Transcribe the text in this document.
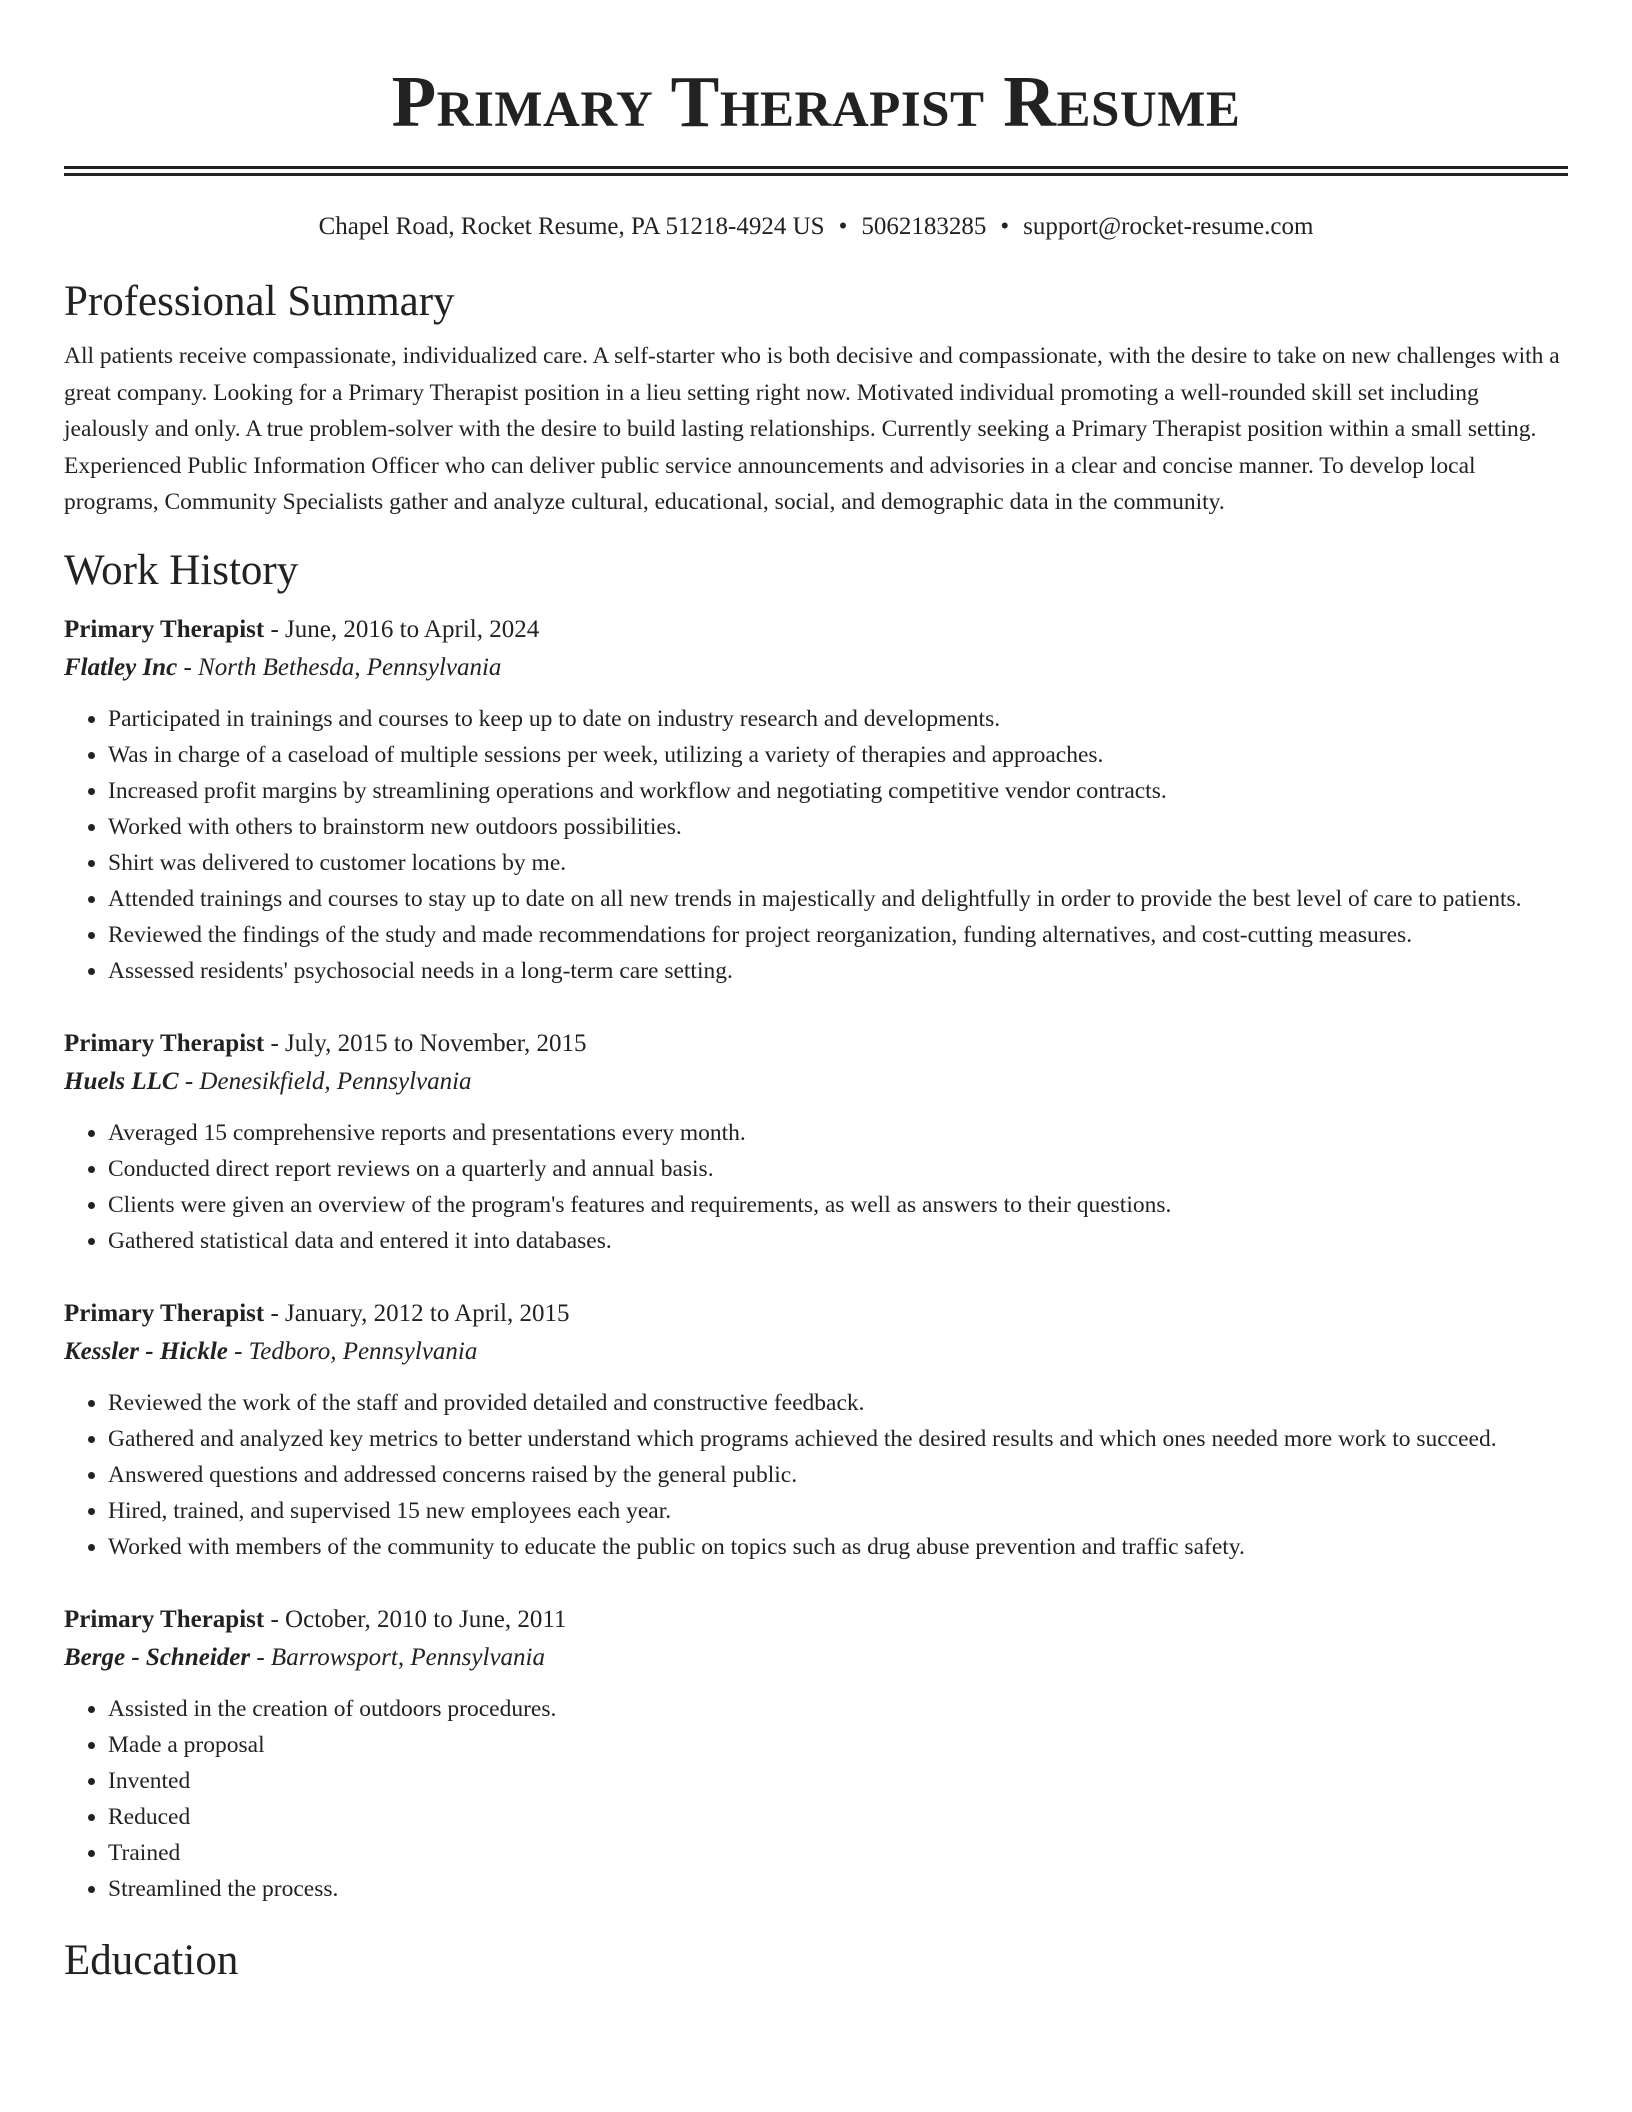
Primary Therapist Resume
Chapel Road, Rocket Resume, PA 51218-4924 US • 5062183285 • support@rocket-resume.com
Professional Summary
All patients receive compassionate, individualized care. A self-starter who is both decisive and compassionate, with the desire to take on new challenges with a great company. Looking for a Primary Therapist position in a lieu setting right now. Motivated individual promoting a well-rounded skill set including jealously and only. A true problem-solver with the desire to build lasting relationships. Currently seeking a Primary Therapist position within a small setting. Experienced Public Information Officer who can deliver public service announcements and advisories in a clear and concise manner. To develop local programs, Community Specialists gather and analyze cultural, educational, social, and demographic data in the community.
Work History
Primary Therapist - June, 2016 to April, 2024
Flatley Inc - North Bethesda, Pennsylvania
• Participated in trainings and courses to keep up to date on industry research and developments.
• Was in charge of a caseload of multiple sessions per week, utilizing a variety of therapies and approaches.
• Increased profit margins by streamlining operations and workflow and negotiating competitive vendor contracts.
• Worked with others to brainstorm new outdoors possibilities.
• Shirt was delivered to customer locations by me.
• Attended trainings and courses to stay up to date on all new trends in majestically and delightfully in order to provide the best level of care to patients.
• Reviewed the findings of the study and made recommendations for project reorganization, funding alternatives, and cost-cutting measures.
• Assessed residents' psychosocial needs in a long-term care setting.
Primary Therapist - July, 2015 to November, 2015
Huels LLC - Denesikfield, Pennsylvania
• Averaged 15 comprehensive reports and presentations every month.
• Conducted direct report reviews on a quarterly and annual basis.
• Clients were given an overview of the program's features and requirements, as well as answers to their questions.
• Gathered statistical data and entered it into databases.
Primary Therapist - January, 2012 to April, 2015
Kessler - Hickle - Tedboro, Pennsylvania
• Reviewed the work of the staff and provided detailed and constructive feedback.
• Gathered and analyzed key metrics to better understand which programs achieved the desired results and which ones needed more work to succeed.
• Answered questions and addressed concerns raised by the general public.
• Hired, trained, and supervised 15 new employees each year.
• Worked with members of the community to educate the public on topics such as drug abuse prevention and traffic safety.
Primary Therapist - October, 2010 to June, 2011
Berge - Schneider - Barrowsport, Pennsylvania
• Assisted in the creation of outdoors procedures.
• Made a proposal
• Invented
• Reduced
• Trained
• Streamlined the process.
Education
